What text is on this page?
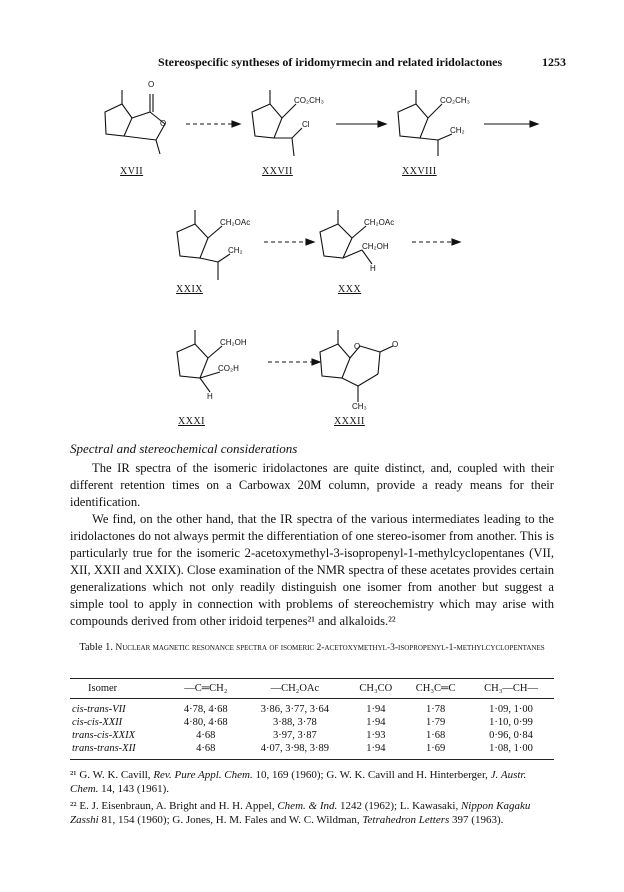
Stereospecific syntheses of iridomyrmecin and related iridolactones	1253
O
O
CO₂CH₃
Cl
CO₂CH₃
CH₂
CH₂OAc
CH₂
CH₂OAc
CH₂OH
H
CH₂OH
CO₂H
H
O	O
CH₃
XVII	XXVII	XXVIII
XXIX	XXX
XXXI	XXXII
Spectral and stereochemical considerations

The IR spectra of the isomeric iridolactones are quite distinct, and, coupled with their different retention times on a Carbowax 20M column, provide a ready means for their identification.

We find, on the other hand, that the IR spectra of the various intermediates leading to the iridolactones do not always permit the differentiation of one stereo-isomer from another. This is particularly true for the isomeric 2-acetoxymethyl-3-isopropenyl-1-methylcyclopentanes (VII, XII, XXII and XXIX). Close examination of the NMR spectra of these acetates provides certain generalizations which not only readily distinguish one isomer from another but suggest a simple tool to apply in connection with problems of stereochemistry which may arise with compounds derived from other iridoid terpenes²¹ and alkaloids.²²

Table 1. Nuclear magnetic resonance spectra of isomeric 2-acetoxymethyl-3-isopropenyl-1-methylcyclopentanes
Isomer	—C═CH₂	—CH₂OAc	CH₃CO	CH₃C═C	CH₃—CH—
cis-trans-VII	4·78, 4·68	3·86, 3·77, 3·64	1·94	1·78	1·09, 1·00
cis-cis-XXII	4·80, 4·68	3·88, 3·78	1·94	1·79	1·10, 0·99
trans-cis-XXIX	4·68	3·97, 3·87	1·93	1·68	0·96, 0·84
trans-trans-XII	4·68	4·07, 3·98, 3·89	1·94	1·69	1·08, 1·00
²¹ G. W. K. Cavill, Rev. Pure Appl. Chem. 10, 169 (1960); G. W. K. Cavill and H. Hinterberger, J. Austr. Chem. 14, 143 (1961).
²² E. J. Eisenbraun, A. Bright and H. H. Appel, Chem. & Ind. 1242 (1962); L. Kawasaki, Nippon Kagaku Zasshi 81, 154 (1960); G. Jones, H. M. Fales and W. C. Wildman, Tetrahedron Letters 397 (1963).
